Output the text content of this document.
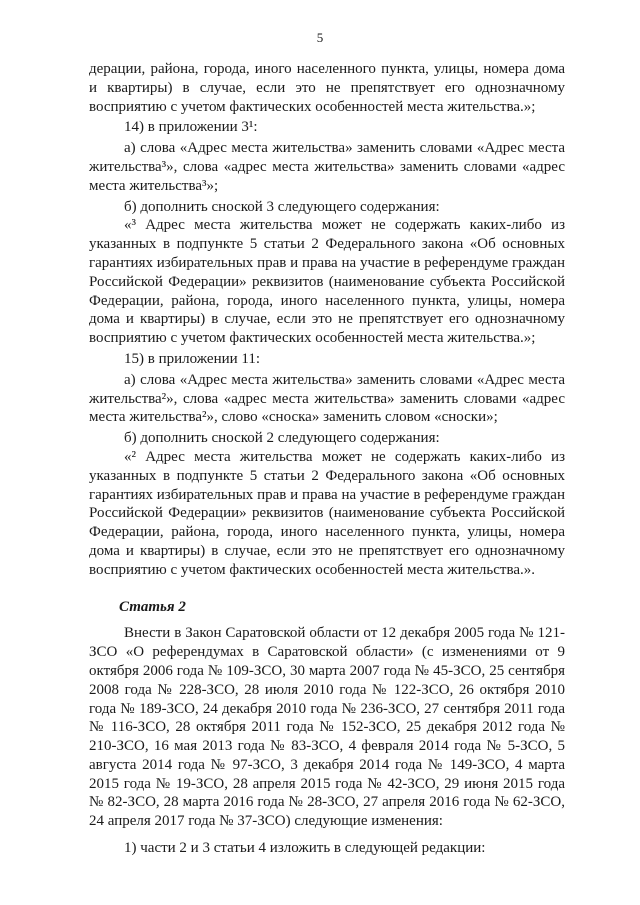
5

дерации, района, города, иного населенного пункта, улицы, номера дома и квартиры) в случае, если это не препятствует его однозначному восприятию с учетом фактических особенностей места жительства.»;

14) в приложении 3¹:

а) слова «Адрес места жительства» заменить словами «Адрес места жительства³», слова «адрес места жительства» заменить словами «адрес места жительства³»;

б) дополнить сноской 3 следующего содержания:

«³ Адрес места жительства может не содержать каких-либо из указанных в подпункте 5 статьи 2 Федерального закона «Об основных гарантиях избирательных прав и права на участие в референдуме граждан Российской Федерации» реквизитов (наименование субъекта Российской Федерации, района, города, иного населенного пункта, улицы, номера дома и квартиры) в случае, если это не препятствует его однозначному восприятию с учетом фактических особенностей места жительства.»;

15) в приложении 11:

а) слова «Адрес места жительства» заменить словами «Адрес места жительства²», слова «адрес места жительства» заменить словами «адрес места жительства²», слово «сноска» заменить словом «сноски»;

б) дополнить сноской 2 следующего содержания:

«² Адрес места жительства может не содержать каких-либо из указанных в подпункте 5 статьи 2 Федерального закона «Об основных гарантиях избирательных прав и права на участие в референдуме граждан Российской Федерации» реквизитов (наименование субъекта Российской Федерации, района, города, иного населенного пункта, улицы, номера дома и квартиры) в случае, если это не препятствует его однозначному восприятию с учетом фактических особенностей места жительства.».

Статья 2

Внести в Закон Саратовской области от 12 декабря 2005 года № 121-ЗСО «О референдумах в Саратовской области» (с изменениями от 9 октября 2006 года № 109-ЗСО, 30 марта 2007 года № 45-ЗСО, 25 сентября 2008 года № 228-ЗСО, 28 июля 2010 года № 122-ЗСО, 26 октября 2010 года № 189-ЗСО, 24 декабря 2010 года № 236-ЗСО, 27 сентября 2011 года № 116-ЗСО, 28 октября 2011 года № 152-ЗСО, 25 декабря 2012 года № 210-ЗСО, 16 мая 2013 года № 83-ЗСО, 4 февраля 2014 года № 5-ЗСО, 5 августа 2014 года № 97-ЗСО, 3 декабря 2014 года № 149-ЗСО, 4 марта 2015 года № 19-ЗСО, 28 апреля 2015 года № 42-ЗСО, 29 июня 2015 года № 82-ЗСО, 28 марта 2016 года № 28-ЗСО, 27 апреля 2016 года № 62-ЗСО, 24 апреля 2017 года № 37-ЗСО) следующие изменения:

1) части 2 и 3 статьи 4 изложить в следующей редакции:
